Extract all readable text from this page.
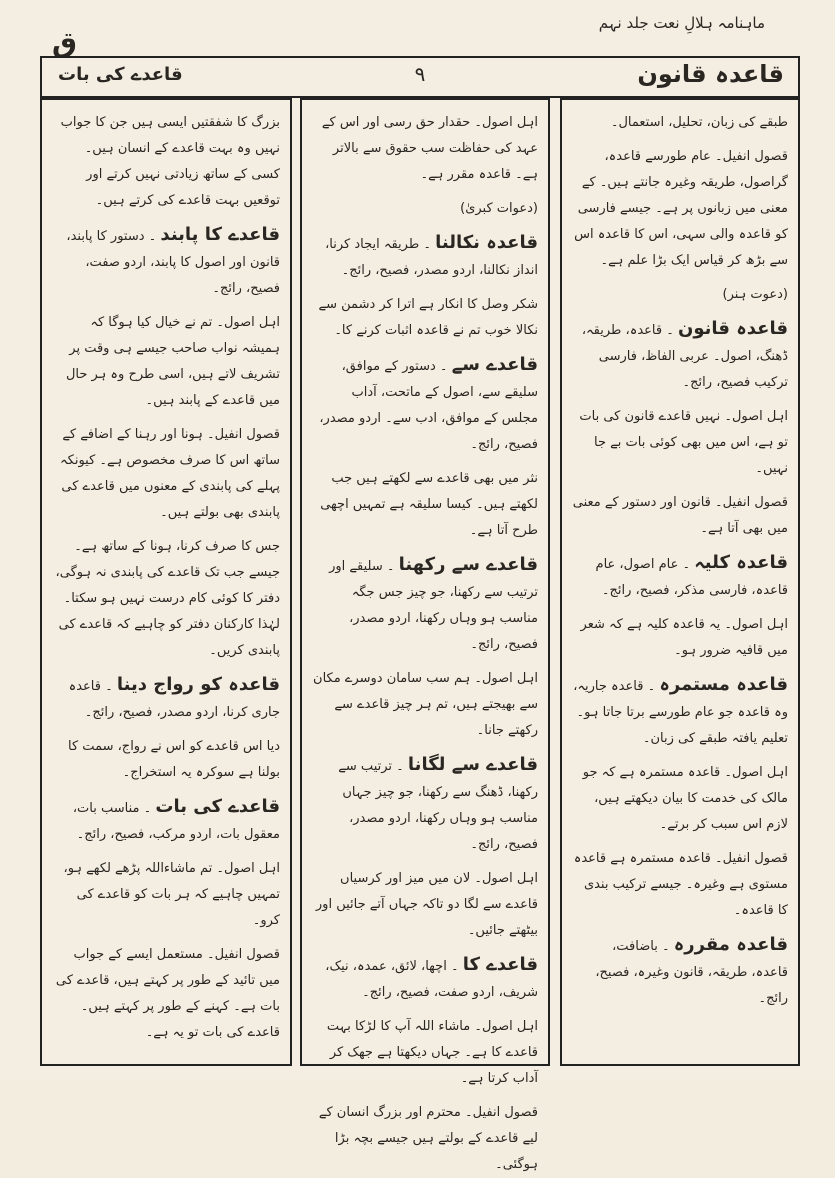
ماہنامہ ہلالِ نعت جلد نہم
ق
قاعدہ قانون
۹
قاعدے کی بات

طبقے کی زبان، تحلیل، استعمال۔

قصول انفیل۔ عام طورسے قاعدہ، گراصول، طریقہ وغیرہ جانتے ہیں۔ کے معنی میں زبانوں پر ہے۔ جیسے فارسی کو قاعدہ والی سہی، اس کا قاعدہ اس سے بڑھ کر قیاس ایک بڑا علم ہے۔

(دعوت ہنر)

قاعدہ قانون ۔ قاعدہ، طریقہ، ڈھنگ، اصول۔ عربی الفاظ، فارسی ترکیب فصیح، رائج۔

اہل اصول۔ نہیں قاعدے قانون کی بات تو ہے، اس میں بھی کوئی بات بے جا نہیں۔

قصول انفیل۔ قانون اور دستور کے معنی میں بھی آتا ہے۔

قاعدہ کلیہ ۔ عام اصول، عام قاعدہ، فارسی مذکر، فصیح، رائج۔

اہل اصول۔ یہ قاعدہ کلیہ ہے کہ شعر میں قافیہ ضرور ہو۔

قاعدہ مستمرہ ۔ قاعدہ جاریہ، وہ قاعدہ جو عام طورسے برتا جاتا ہو۔ تعلیم یافتہ طبقے کی زبان۔

اہل اصول۔ قاعدہ مستمرہ ہے کہ جو مالک کی خدمت کا بیان دیکھتے ہیں، لازم اس سبب کر برتے۔

قصول انفیل۔ قاعدہ مستمرہ ہے قاعدہ مستوی ہے وغیرہ۔ جیسے ترکیب بندی کا قاعدہ۔

قاعدہ مقررہ ۔ باضافت، قاعدہ، طریقہ، قانون وغیرہ، فصیح، رائج۔

اہل اصول۔ حقدار حق رسی اور اس کے عہد کی حفاظت سب حقوق سے بالاتر ہے۔ قاعدہ مقرر ہے۔

(دعوات کبریٰ)

قاعدہ نکالنا ۔ طریقہ ایجاد کرنا، انداز نکالنا، اردو مصدر، فصیح، رائج۔

شکر وصل کا انکار ہے اترا کر دشمن سے نکالا خوب تم نے قاعدہ اثبات کرنے کا۔

قاعدے سے ۔ دستور کے موافق، سلیقے سے، اصول کے ماتحت، آداب مجلس کے موافق، ادب سے۔ اردو مصدر، فصیح، رائج۔

نثر میں بھی قاعدے سے لکھتے ہیں جب لکھتے ہیں۔ کیسا سلیقہ ہے تمہیں اچھی طرح آتا ہے۔

قاعدے سے رکھنا ۔ سلیقے اور ترتیب سے رکھنا، جو چیز جس جگہ مناسب ہو وہاں رکھنا، اردو مصدر، فصیح، رائج۔

اہل اصول۔ ہم سب سامان دوسرے مکان سے بھیجتے ہیں، تم ہر چیز قاعدے سے رکھتے جانا۔

قاعدے سے لگانا ۔ ترتیب سے رکھنا، ڈھنگ سے رکھنا، جو چیز جہاں مناسب ہو وہاں رکھنا، اردو مصدر، فصیح، رائج۔

اہل اصول۔ لان میں میز اور کرسیاں قاعدے سے لگا دو تاکہ جہاں آتے جائیں اور بیٹھتے جائیں۔

قاعدے کا ۔ اچھا، لائق، عمدہ، نیک، شریف، اردو صفت، فصیح، رائج۔

اہل اصول۔ ماشاء اللہ آپ کا لڑکا بہت قاعدے کا ہے۔ جہاں دیکھتا ہے جھک کر آداب کرتا ہے۔

قصول انفیل۔ محترم اور بزرگ انسان کے لیے قاعدے کے بولتے ہیں جیسے بچہ بڑا ہوگئی۔

بزرگ کا شفقتیں ایسی ہیں جن کا جواب نہیں وہ بہت قاعدے کے انسان ہیں۔ کسی کے ساتھ زیادتی نہیں کرتے اور توقعیں بہت قاعدے کی کرتے ہیں۔

قاعدے کا پابند ۔ دستور کا پابند، قانون اور اصول کا پابند، اردو صفت، فصیح، رائج۔

اہل اصول۔ تم نے خیال کیا ہوگا کہ ہمیشہ نواب صاحب جیسے ہی وقت پر تشریف لاتے ہیں، اسی طرح وہ ہر حال میں قاعدے کے پابند ہیں۔

قصول انفیل۔ ہونا اور رہنا کے اضافے کے ساتھ اس کا صرف مخصوص ہے۔ کیونکہ پہلے کی پابندی کے معنوں میں قاعدے کی پابندی بھی بولتے ہیں۔

جس کا صرف کرنا، ہونا کے ساتھ ہے۔ جیسے جب تک قاعدے کی پابندی نہ ہوگی، دفتر کا کوئی کام درست نہیں ہو سکتا۔ لہٰذا کارکنان دفتر کو چاہیے کہ قاعدے کی پابندی کریں۔

قاعدہ کو رواج دینا ۔ قاعدہ جاری کرنا، اردو مصدر، فصیح، رائج۔

دیا اس قاعدے کو اس نے رواج، سمت کا بولنا ہے سوکرہ یہ استخراج۔

قاعدے کی بات ۔ مناسب بات، معقول بات، اردو مرکب، فصیح، رائج۔

اہل اصول۔ تم ماشاءاللہ پڑھے لکھے ہو، تمہیں چاہیے کہ ہر بات کو قاعدے کی کرو۔

قصول انفیل۔ مستعمل ایسے کے جواب میں تائید کے طور پر کہتے ہیں، قاعدے کی بات ہے۔ کہنے کے طور پر کہتے ہیں۔ قاعدے کی بات تو یہ ہے۔
